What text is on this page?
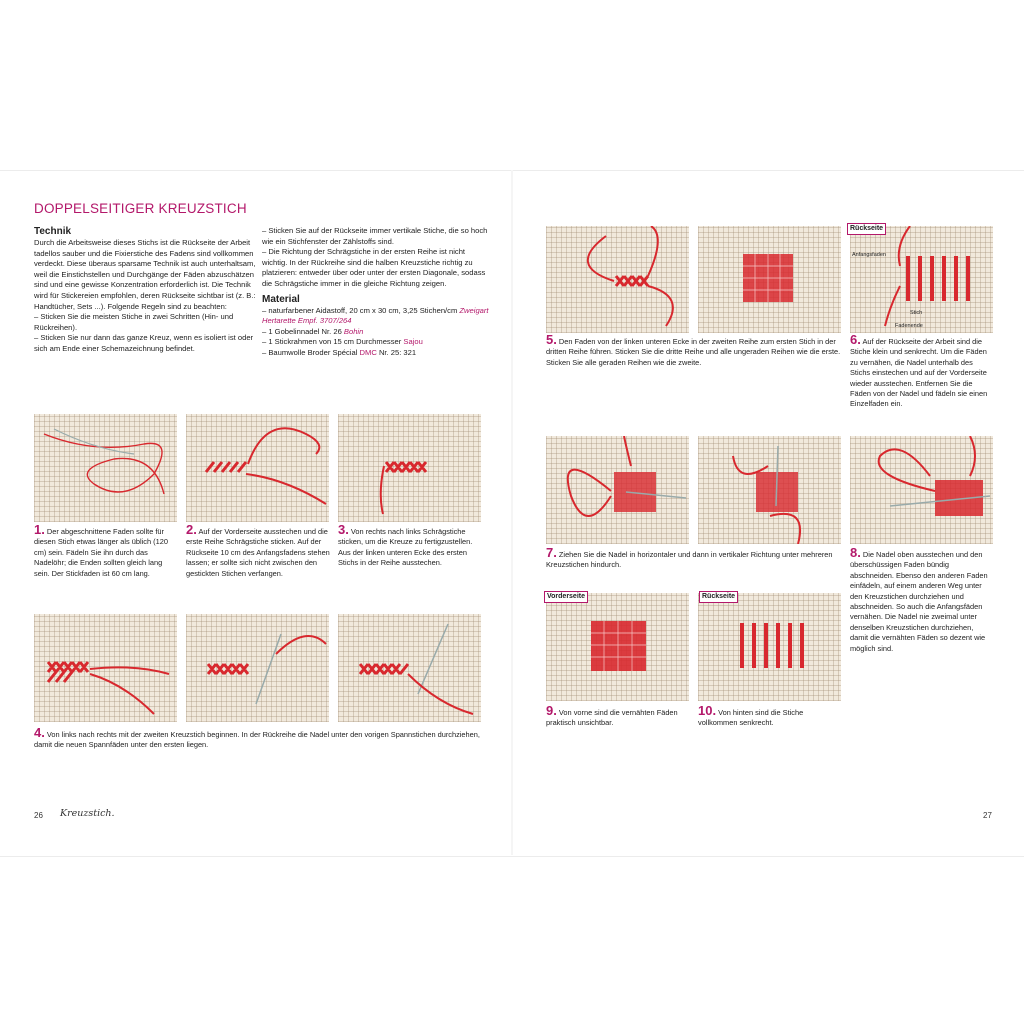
DOPPELSEITIGER KREUZSTICH
Technik

Durch die Arbeitsweise dieses Stichs ist die Rückseite der Arbeit tadellos sauber und die Fixierstiche des Fadens sind vollkommen verdeckt. Diese überaus sparsame Technik ist auch unterhaltsam, weil die Einstichstellen und Durchgänge der Fäden abzuschätzen sind und eine gewisse Konzentration erforderlich ist. Die Technik wird für Stickereien empfohlen, deren Rückseite sichtbar ist (z. B.: Handtücher, Sets ...). Folgende Regeln sind zu beachten:

– Sticken Sie die meisten Stiche in zwei Schritten (Hin- und Rückreihen).

– Sticken Sie nur dann das ganze Kreuz, wenn es isoliert ist oder sich am Ende einer Schemazeichnung befindet.

– Sticken Sie auf der Rückseite immer vertikale Stiche, die so hoch wie ein Stichfenster der Zählstoffs sind.

– Die Richtung der Schrägstiche in der ersten Reihe ist nicht wichtig. In der Rückreihe sind die halben Kreuzstiche richtig zu platzieren: entweder über oder unter der ersten Diagonale, sodass die Schrägstiche immer in die gleiche Richtung zeigen.

Material

– naturfarbener Aidastoff, 20 cm x 30 cm, 3,25 Stichen/cm Zweigart Hertarette Empf. 3707/264

– 1 Gobelinnadel Nr. 26 Bohin

– 1 Stickrahmen von 15 cm Durchmesser Sajou

– Baumwolle Broder Spécial DMC Nr. 25: 321

1. Der abgeschnittene Faden sollte für diesen Stich etwas länger als üblich (120 cm) sein. Fädeln Sie ihn durch das Nadelöhr; die Enden sollten gleich lang sein. Der Stickfaden ist 60 cm lang.
2. Auf der Vorderseite ausstechen und die erste Reihe Schrägstiche sticken. Auf der Rückseite 10 cm des Anfangsfadens stehen lassen; er sollte sich nicht zwischen den gestickten Stichen verfangen.
3. Von rechts nach links Schrägstiche sticken, um die Kreuze zu fertigzustellen. Aus der linken unteren Ecke des ersten Stichs in der Reihe ausstechen.
4. Von links nach rechts mit der zweiten Kreuzstich beginnen. In der Rückreihe die Nadel unter den vorigen Spannstichen durchziehen, damit die neuen Spannfäden unter den ersten liegen.
Rückseite
Anfangsfaden
Stich
Fadenende
5. Den Faden von der linken unteren Ecke in der zweiten Reihe zum ersten Stich in der dritten Reihe führen. Sticken Sie die dritte Reihe und alle ungeraden Reihen wie die erste. Sticken Sie alle geraden Reihen wie die zweite.
6. Auf der Rückseite der Arbeit sind die Stiche klein und senkrecht. Um die Fäden zu vernähen, die Nadel unterhalb des Stichs einstechen und auf der Vorderseite wieder ausstechen. Entfernen Sie die Fäden von der Nadel und fädeln sie einen Einzelfaden ein.
7. Ziehen Sie die Nadel in horizontaler und dann in vertikaler Richtung unter mehreren Kreuzstichen hindurch.
8. Die Nadel oben ausstechen und den überschüssigen Faden bündig abschneiden. Ebenso den anderen Faden einfädeln, auf einem anderen Weg unter den Kreuzstichen durchziehen und abschneiden. So auch die Anfangsfäden vernähen. Die Nadel nie zweimal unter denselben Kreuzstichen durchziehen, damit die vernähten Fäden so dezent wie möglich sind.
Vorderseite	Rückseite
9. Von vorne sind die vernähten Fäden praktisch unsichtbar.
10. Von hinten sind die Stiche vollkommen senkrecht.
26 Kreuzstich.	27
